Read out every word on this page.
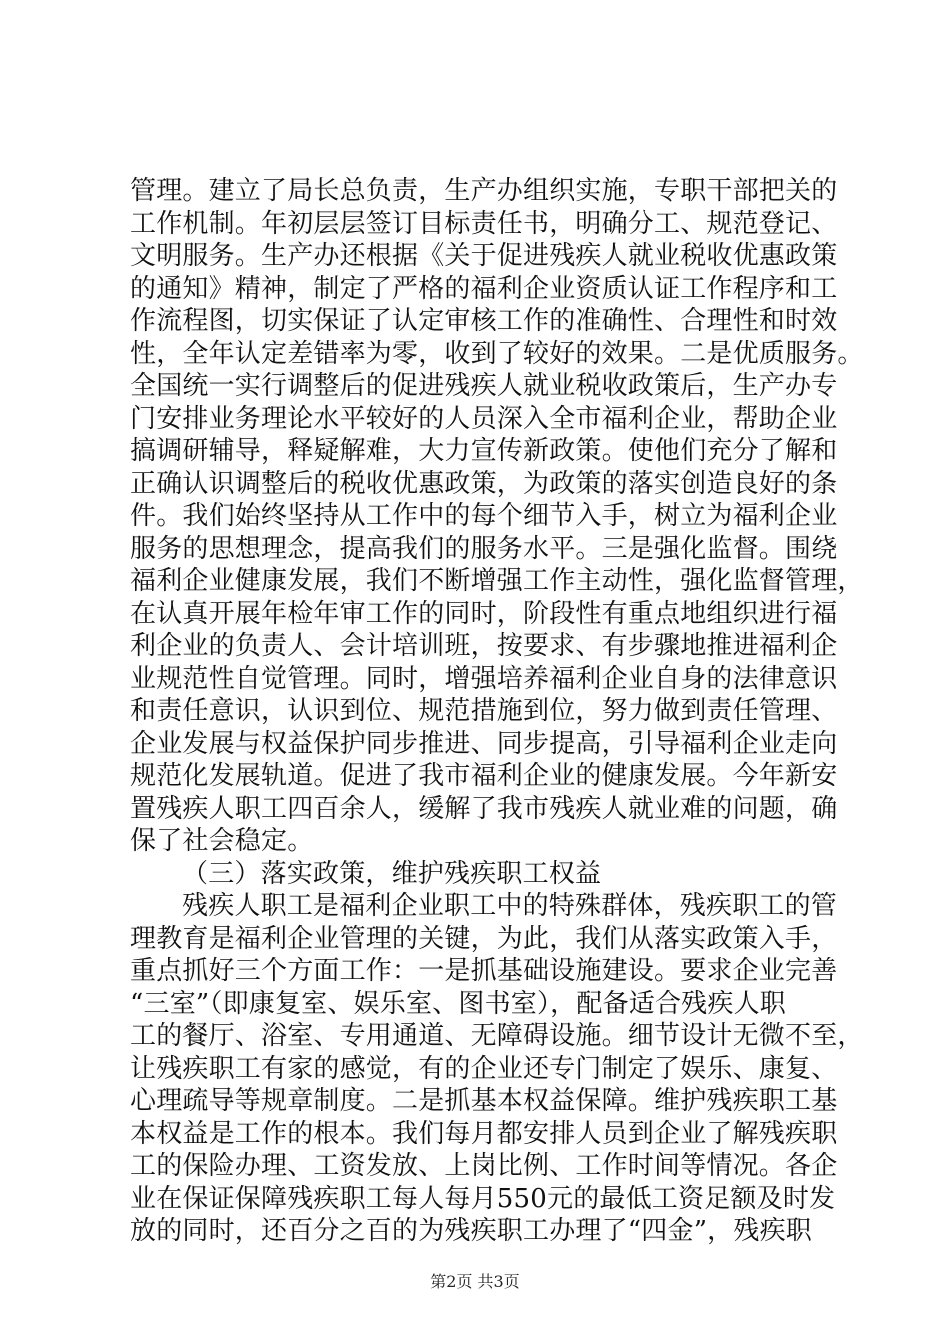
管理。建立了局长总负责，生产办组织实施，专职干部把关的
工作机制。年初层层签订目标责任书，明确分工、规范登记、
文明服务。生产办还根据《关于促进残疾人就业税收优惠政策
的通知》精神，制定了严格的福利企业资质认证工作程序和工
作流程图，切实保证了认定审核工作的准确性、合理性和时效
性，全年认定差错率为零，收到了较好的效果。二是优质服务。
全国统一实行调整后的促进残疾人就业税收政策后，生产办专
门安排业务理论水平较好的人员深入全市福利企业，帮助企业
搞调研辅导，释疑解难，大力宣传新政策。使他们充分了解和
正确认识调整后的税收优惠政策，为政策的落实创造良好的条
件。我们始终坚持从工作中的每个细节入手，树立为福利企业
服务的思想理念，提高我们的服务水平。三是强化监督。围绕
福利企业健康发展，我们不断增强工作主动性，强化监督管理，
在认真开展年检年审工作的同时，阶段性有重点地组织进行福
利企业的负责人、会计培训班，按要求、有步骤地推进福利企
业规范性自觉管理。同时，增强培养福利企业自身的法律意识
和责任意识，认识到位、规范措施到位，努力做到责任管理、
企业发展与权益保护同步推进、同步提高，引导福利企业走向
规范化发展轨道。促进了我市福利企业的健康发展。今年新安
置残疾人职工四百余人，缓解了我市残疾人就业难的问题，确
保了社会稳定。
（三）落实政策，维护残疾职工权益
残疾人职工是福利企业职工中的特殊群体，残疾职工的管
理教育是福利企业管理的关键，为此，我们从落实政策入手，
重点抓好三个方面工作：一是抓基础设施建设。要求企业完善
“三室”（即康复室、娱乐室、图书室），配备适合残疾人职
工的餐厅、浴室、专用通道、无障碍设施。细节设计无微不至，
让残疾职工有家的感觉，有的企业还专门制定了娱乐、康复、
心理疏导等规章制度。二是抓基本权益保障。维护残疾职工基
本权益是工作的根本。我们每月都安排人员到企业了解残疾职
工的保险办理、工资发放、上岗比例、工作时间等情况。各企
业在保证保障残疾职工每人每月550元的最低工资足额及时发
放的同时，还百分之百的为残疾职工办理了“四金”，残疾职
第2页 共3页
